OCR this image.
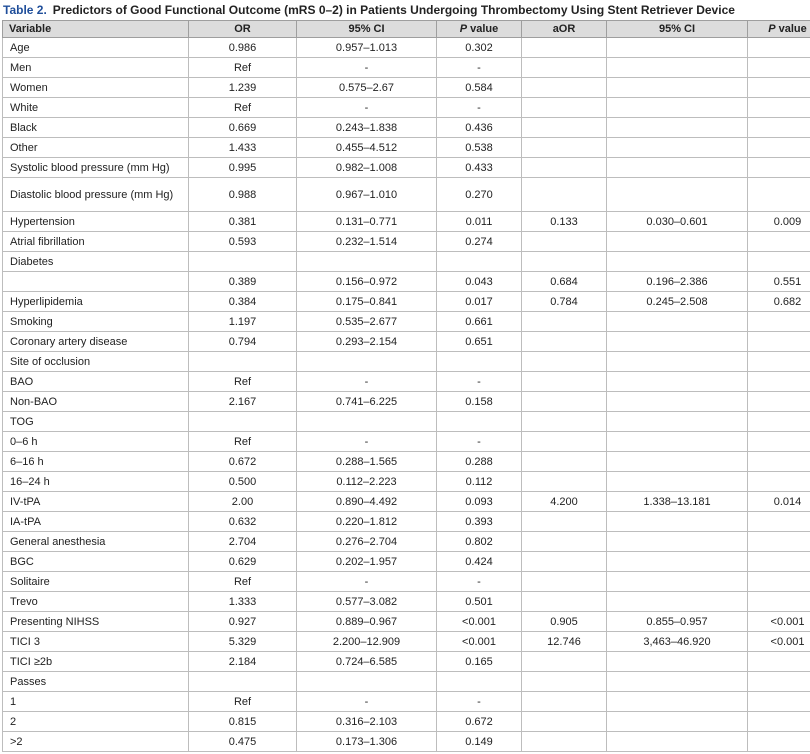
Table 2. Predictors of Good Functional Outcome (mRS 0–2) in Patients Undergoing Thrombectomy Using Stent Retriever Device
Variable	OR	95% CI	P value	aOR	95% CI	P value
Age	0.986	0.957–1.013	0.302			
Men	Ref	-	-			
Women	1.239	0.575–2.67	0.584			
White	Ref	-	-			
Black	0.669	0.243–1.838	0.436			
Other	1.433	0.455–4.512	0.538			
Systolic blood pressure (mm Hg)	0.995	0.982–1.008	0.433			
Diastolic blood pressure (mm Hg)	0.988	0.967–1.010	0.270			
Hypertension	0.381	0.131–0.771	0.011	0.133	0.030–0.601	0.009
Atrial fibrillation	0.593	0.232–1.514	0.274			
Diabetes						
	0.389	0.156–0.972	0.043	0.684	0.196–2.386	0.551
Hyperlipidemia	0.384	0.175–0.841	0.017	0.784	0.245–2.508	0.682
Smoking	1.197	0.535–2.677	0.661			
Coronary artery disease	0.794	0.293–2.154	0.651			
Site of occlusion						
BAO	Ref	-	-			
Non-BAO	2.167	0.741–6.225	0.158			
TOG						
0–6 h	Ref	-	-			
6–16 h	0.672	0.288–1.565	0.288			
16–24 h	0.500	0.112–2.223	0.112			
IV-tPA	2.00	0.890–4.492	0.093	4.200	1.338–13.181	0.014
IA-tPA	0.632	0.220–1.812	0.393			
General anesthesia	2.704	0.276–2.704	0.802			
BGC	0.629	0.202–1.957	0.424			
Solitaire	Ref	-	-			
Trevo	1.333	0.577–3.082	0.501			
Presenting NIHSS	0.927	0.889–0.967	<0.001	0.905	0.855–0.957	<0.001
TICI 3	5.329	2.200–12.909	<0.001	12.746	3,463–46.920	<0.001
TICI ≥2b	2.184	0.724–6.585	0.165			
Passes						
1	Ref	-	-			
2	0.815	0.316–2.103	0.672			
>2	0.475	0.173–1.306	0.149			
